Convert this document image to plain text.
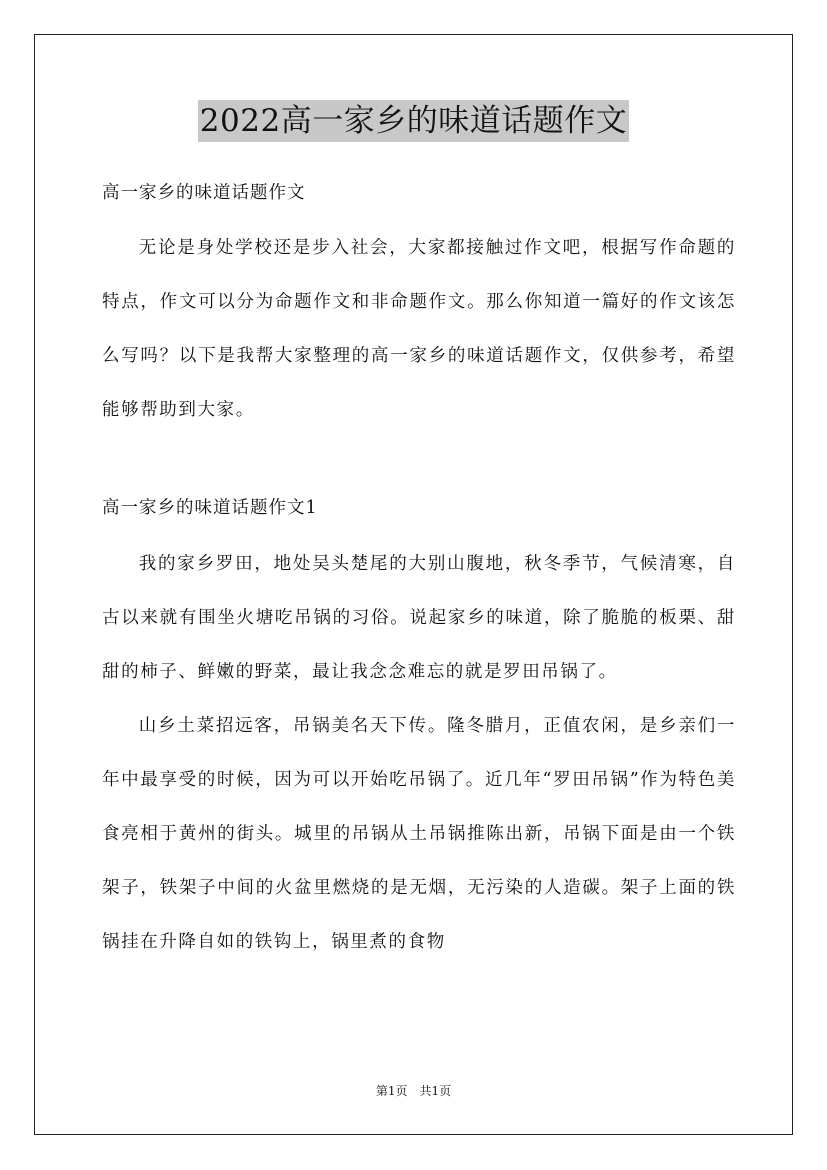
2022高一家乡的味道话题作文

高一家乡的味道话题作文

无论是身处学校还是步入社会，大家都接触过作文吧，根据写作命题的特点，作文可以分为命题作文和非命题作文。那么你知道一篇好的作文该怎么写吗？以下是我帮大家整理的高一家乡的味道话题作文，仅供参考，希望能够帮助到大家。

高一家乡的味道话题作文1

我的家乡罗田，地处吴头楚尾的大别山腹地，秋冬季节，气候清寒，自古以来就有围坐火塘吃吊锅的习俗。说起家乡的味道，除了脆脆的板栗、甜甜的柿子、鲜嫩的野菜，最让我念念难忘的就是罗田吊锅了。

山乡土菜招远客，吊锅美名天下传。隆冬腊月，正值农闲，是乡亲们一年中最享受的时候，因为可以开始吃吊锅了。近几年“罗田吊锅”作为特色美食亮相于黄州的街头。城里的吊锅从土吊锅推陈出新，吊锅下面是由一个铁架子，铁架子中间的火盆里燃烧的是无烟，无污染的人造碳。架子上面的铁锅挂在升降自如的铁钩上，锅里煮的食物

第1页 共1页
